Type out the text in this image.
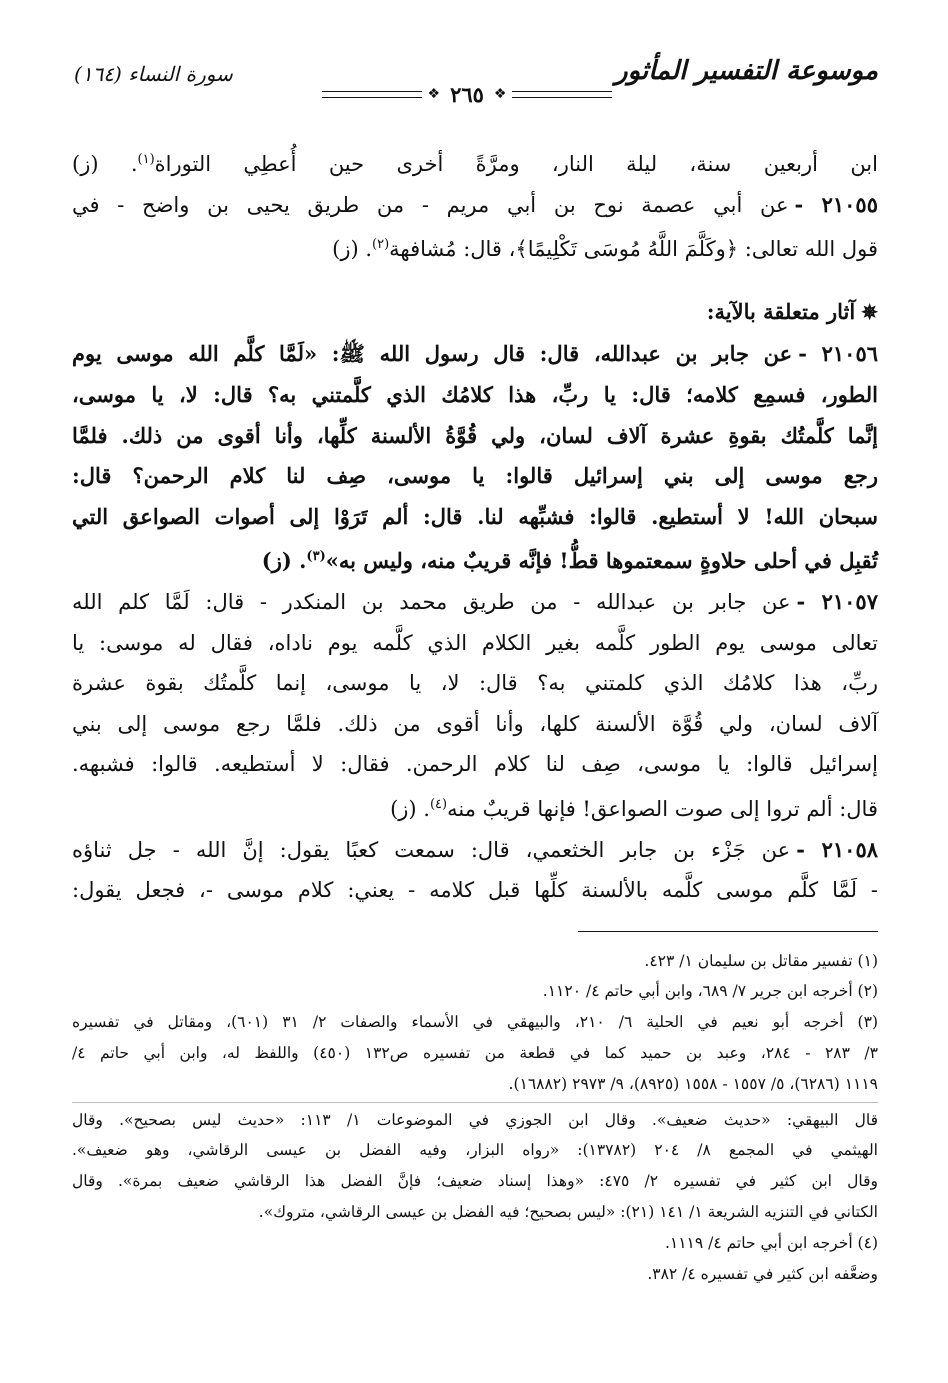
موسوعة التفسير المأثور
❖ ٢٦٥ ❖
سورة النساء (١٦٤)
ابن أربعين سنة، ليلة النار، ومرَّةً أخرى حين أُعطِي التوراة$^{(١)}$. (ز)
٢١٠٥٥ -عن أبي عصمة نوح بن أبي مريم - من طريق يحيى بن واضح - في
قول الله تعالى: ﴿وكَلَّمَ اللَّهُ مُوسَى تَكْلِيمًا﴾، قال: مُشافهة$^{(٢)}$. (ز)
✵آثار متعلقة بالآية:
٢١٠٥٦ -عن جابر بن عبدالله، قال: قال رسول الله ﷺ: «لَمَّا كلَّم الله موسى يوم
الطور، فسمِع كلامه؛ قال: يا ربِّ، هذا كلامُك الذي كلَّمتني به؟ قال: لا، يا موسى،
إنَّما كلَّمتُك بقوةِ عشرة آلاف لسان، ولي قُوَّةُ الألسنة كلِّها، وأنا أقوى من ذلك. فلمَّا
رجع موسى إلى بني إسرائيل قالوا: يا موسى، صِف لنا كلام الرحمن؟ قال:
سبحان الله! لا أستطيع. قالوا: فشبِّهه لنا. قال: ألم تَرَوْا إلى أصوات الصواعق التي
تُقبِل في أحلى حلاوةٍ سمعتموها قطُّ! فإنَّه قريبٌ منه، وليس به»$^{(٣)}$. (ز)
٢١٠٥٧ -عن جابر بن عبدالله - من طريق محمد بن المنكدر - قال: لَمَّا كلم الله
تعالى موسى يوم الطور كلَّمه بغير الكلام الذي كلَّمه يوم ناداه، فقال له موسى: يا
ربِّ، هذا كلامُك الذي كلمتني به؟ قال: لا، يا موسى، إنما كلَّمتُك بقوة عشرة
آلاف لسان، ولي قُوَّة الألسنة كلها، وأنا أقوى من ذلك. فلمَّا رجع موسى إلى بني
إسرائيل قالوا: يا موسى، صِف لنا كلام الرحمن. فقال: لا أستطيعه. قالوا: فشبهه.
قال: ألم تروا إلى صوت الصواعق! فإنها قريبٌ منه$^{(٤)}$. (ز)
٢١٠٥٨ -عن جَزْء بن جابر الخثعمي، قال: سمعت كعبًا يقول: إنَّ الله - جل ثناؤه
- لَمَّا كلَّم موسى كلَّمه بالألسنة كلِّها قبل كلامه - يعني: كلام موسى -، فجعل يقول:
(١) تفسير مقاتل بن سليمان ١/ ٤٢٣.
(٢) أخرجه ابن جرير ٧/ ٦٨٩، وابن أبي حاتم ٤/ ١١٢٠.
(٣) أخرجه أبو نعيم في الحلية ٦/ ٢١٠، والبيهقي في الأسماء والصفات ٢/ ٣١ (٦٠١)، ومقاتل في تفسيره
٣/ ٢٨٣ - ٢٨٤، وعبد بن حميد كما في قطعة من تفسيره ص١٣٢ (٤٥٠) واللفظ له، وابن أبي حاتم ٤/
١١١٩ (٦٢٨٦)، ٥/ ١٥٥٧ - ١٥٥٨ (٨٩٢٥)، ٩/ ٢٩٧٣ (١٦٨٨٢).
قال البيهقي: «حديث ضعيف». وقال ابن الجوزي في الموضوعات ١/ ١١٣: «حديث ليس بصحيح». وقال
الهيثمي في المجمع ٨/ ٢٠٤ (١٣٧٨٢): «رواه البزار، وفيه الفضل بن عيسى الرقاشي، وهو ضعيف».
وقال ابن كثير في تفسيره ٢/ ٤٧٥: «وهذا إسناد ضعيف؛ فإنَّ الفضل هذا الرقاشي ضعيف بمرة». وقال
الكتاني في التنزيه الشريعة ١/ ١٤١ (٢١): «ليس بصحيح؛ فيه الفضل بن عيسى الرقاشي، متروك».
(٤) أخرجه ابن أبي حاتم ٤/ ١١١٩.
وضعَّفه ابن كثير في تفسيره ٤/ ٣٨٢.
